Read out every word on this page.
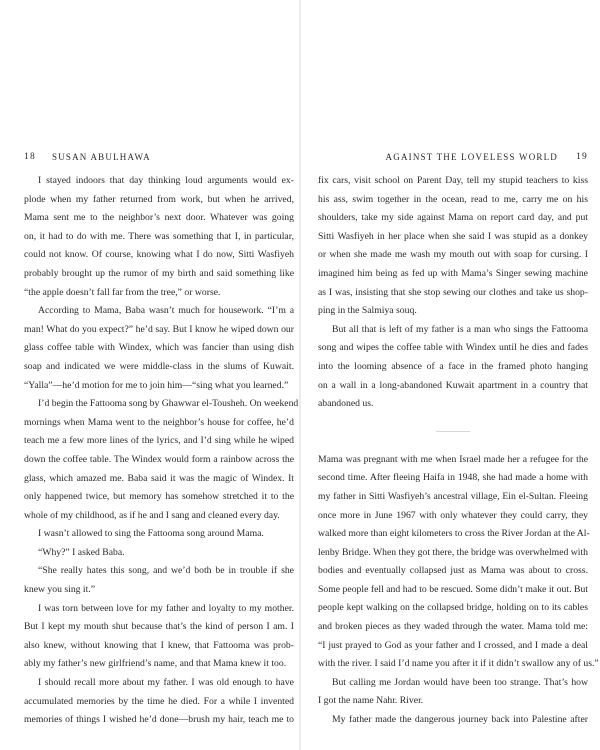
18 SUSAN ABULHAWA
I stayed indoors that day thinking loud arguments would ex-
plode when my father returned from work, but when he arrived,
Mama sent me to the neighbor’s next door. Whatever was going
on, it had to do with me. There was something that I, in particular,
could not know. Of course, knowing what I do now, Sitti Wasfiyeh
probably brought up the rumor of my birth and said something like
“the apple doesn’t fall far from the tree,” or worse.
According to Mama, Baba wasn’t much for housework. “I’m a
man! What do you expect?” he’d say. But I know he wiped down our
glass coffee table with Windex, which was fancier than using dish
soap and indicated we were middle-class in the slums of Kuwait.
“Yalla”—he’d motion for me to join him—“sing what you learned.”
I’d begin the Fattooma song by Ghawwar el-Tousheh. On weekend
mornings when Mama went to the neighbor’s house for coffee, he’d
teach me a few more lines of the lyrics, and I’d sing while he wiped
down the coffee table. The Windex would form a rainbow across the
glass, which amazed me. Baba said it was the magic of Windex. It
only happened twice, but memory has somehow stretched it to the
whole of my childhood, as if he and I sang and cleaned every day.
I wasn’t allowed to sing the Fattooma song around Mama.
“Why?” I asked Baba.
“She really hates this song, and we’d both be in trouble if she
knew you sing it.”
I was torn between love for my father and loyalty to my mother.
But I kept my mouth shut because that’s the kind of person I am. I
also knew, without knowing that I knew, that Fattooma was prob-
ably my father’s new girlfriend’s name, and that Mama knew it too.
I should recall more about my father. I was old enough to have
accumulated memories by the time he died. For a while I invented
memories of things I wished he’d done—brush my hair, teach me to
AGAINST THE LOVELESS WORLD 19
fix cars, visit school on Parent Day, tell my stupid teachers to kiss
his ass, swim together in the ocean, read to me, carry me on his
shoulders, take my side against Mama on report card day, and put
Sitti Wasfiyeh in her place when she said I was stupid as a donkey
or when she made me wash my mouth out with soap for cursing. I
imagined him being as fed up with Mama’s Singer sewing machine
as I was, insisting that she stop sewing our clothes and take us shop-
ping in the Salmiya souq.
But all that is left of my father is a man who sings the Fattooma
song and wipes the coffee table with Windex until he dies and fades
into the looming absence of a face in the framed photo hanging
on a wall in a long-abandoned Kuwait apartment in a country that
abandoned us.
Mama was pregnant with me when Israel made her a refugee for the
second time. After fleeing Haifa in 1948, she had made a home with
my father in Sitti Wasfiyeh’s ancestral village, Ein el-Sultan. Fleeing
once more in June 1967 with only whatever they could carry, they
walked more than eight kilometers to cross the River Jordan at the Al-
lenby Bridge. When they got there, the bridge was overwhelmed with
bodies and eventually collapsed just as Mama was about to cross.
Some people fell and had to be rescued. Some didn’t make it out. But
people kept walking on the collapsed bridge, holding on to its cables
and broken pieces as they waded through the water. Mama told me:
“I just prayed to God as your father and I crossed, and I made a deal
with the river. I said I’d name you after it if it didn’t swallow any of us.”
But calling me Jordan would have been too strange. That’s how
I got the name Nahr. River.
My father made the dangerous journey back into Palestine after
